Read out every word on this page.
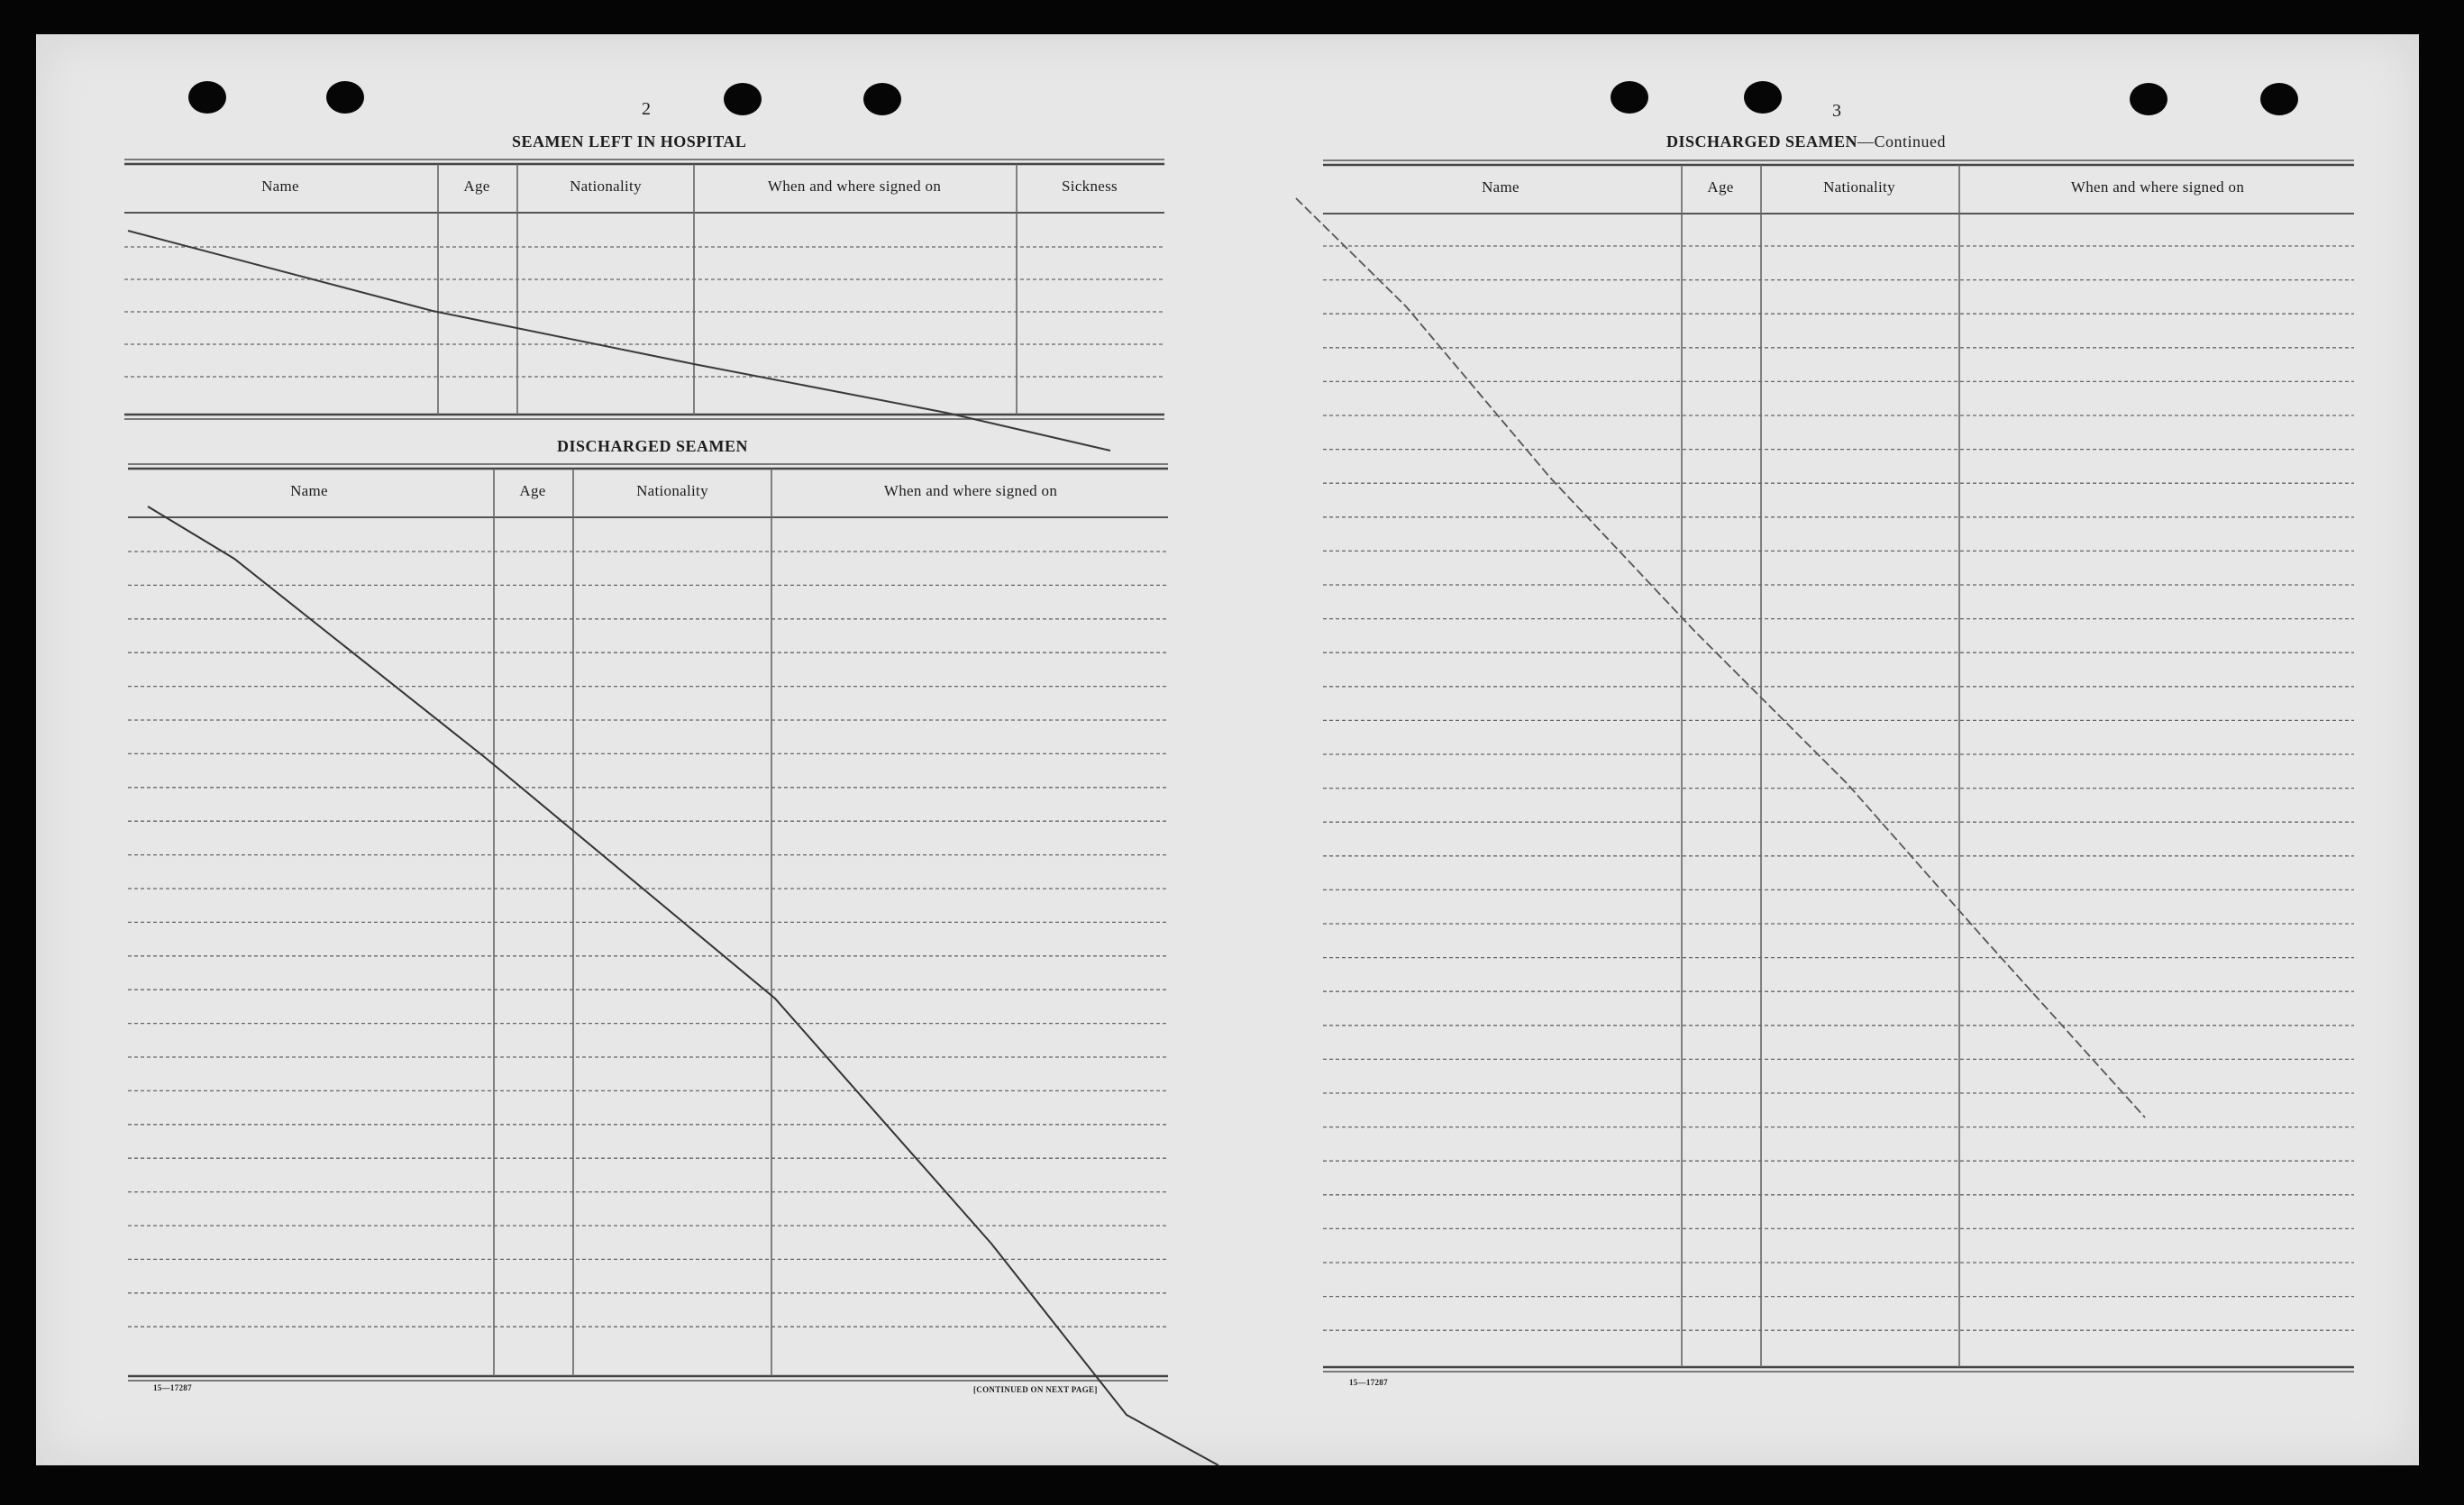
2
SEAMEN LEFT IN HOSPITAL
Name	Age	Nationality	When and where signed on	Sickness
DISCHARGED SEAMEN
Name	Age	Nationality	When and where signed on
15—17287	[CONTINUED ON NEXT PAGE]
3
DISCHARGED SEAMEN—Continued
Name	Age	Nationality	When and where signed on
15—17287
